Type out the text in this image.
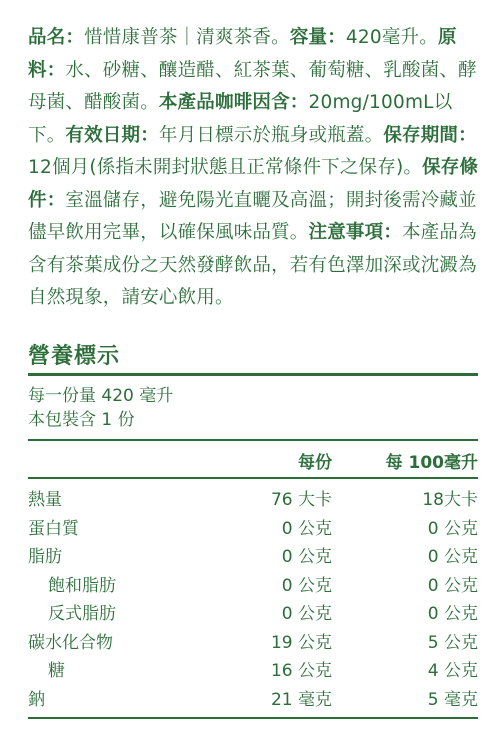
品名：惜惜康普茶｜清爽茶香。容量：420毫升。原料：水、砂糖、釀造醋、紅茶葉、葡萄糖、乳酸菌、酵母菌、醋酸菌。本產品咖啡因含：20mg/100mL以下。有效日期：年月日標示於瓶身或瓶蓋。保存期間：12個月(係指未開封狀態且正常條件下之保存)。保存條件：室溫儲存，避免陽光直曬及高溫；開封後需冷藏並儘早飲用完畢，以確保風味品質。注意事項：本產品為含有茶葉成份之天然發酵飲品，若有色澤加深或沈澱為自然現象，請安心飲用。
營養標示
每一份量 420 毫升
本包裝含 1 份
每份	每 100毫升
熱量	76 大卡	18大卡
蛋白質	0 公克	0 公克
脂肪	0 公克	0 公克
飽和脂肪	0 公克	0 公克
反式脂肪	0 公克	0 公克
碳水化合物	19 公克	5 公克
糖	16 公克	4 公克
鈉	21 毫克	5 毫克
